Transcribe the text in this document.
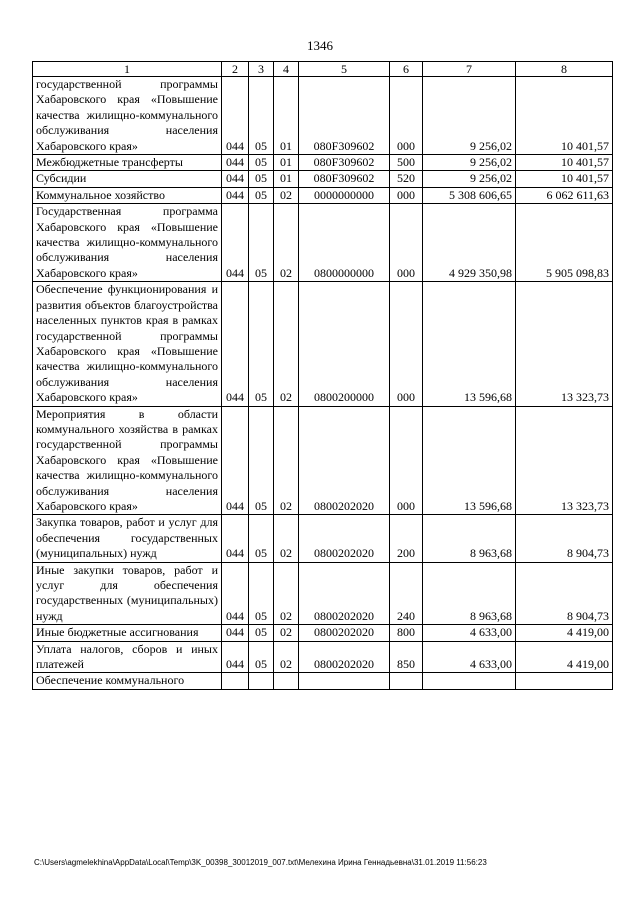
1346
1	2	3	4	5	6	7	8
государственной программы Хабаровского края «Повышение качества жилищно-коммунального обслуживания населения Хабаровского края»	044	05	01	080F309602	000	9 256,02	10 401,57
Межбюджетные трансферты	044	05	01	080F309602	500	9 256,02	10 401,57
Субсидии	044	05	01	080F309602	520	9 256,02	10 401,57
Коммунальное хозяйство	044	05	02	0000000000	000	5 308 606,65	6 062 611,63
Государственная программа Хабаровского края «Повышение качества жилищно-коммунального обслуживания населения Хабаровского края»	044	05	02	0800000000	000	4 929 350,98	5 905 098,83
Обеспечение функционирования и развития объектов благоустройства населенных пунктов края в рамках государственной программы Хабаровского края «Повышение качества жилищно-коммунального обслуживания населения Хабаровского края»	044	05	02	0800200000	000	13 596,68	13 323,73
Мероприятия в области коммунального хозяйства в рамках государственной программы Хабаровского края «Повышение качества жилищно-коммунального обслуживания населения Хабаровского края»	044	05	02	0800202020	000	13 596,68	13 323,73
Закупка товаров, работ и услуг для обеспечения государственных (муниципальных) нужд	044	05	02	0800202020	200	8 963,68	8 904,73
Иные закупки товаров, работ и услуг для обеспечения государственных (муниципальных) нужд	044	05	02	0800202020	240	8 963,68	8 904,73
Иные бюджетные ассигнования	044	05	02	0800202020	800	4 633,00	4 419,00
Уплата налогов, сборов и иных платежей	044	05	02	0800202020	850	4 633,00	4 419,00
Обеспечение коммунального							
C:\Users\agmelekhina\AppData\Local\Temp\3K_00398_30012019_007.txt\Мелехина Ирина Геннадьевна\31.01.2019 11:56:23
